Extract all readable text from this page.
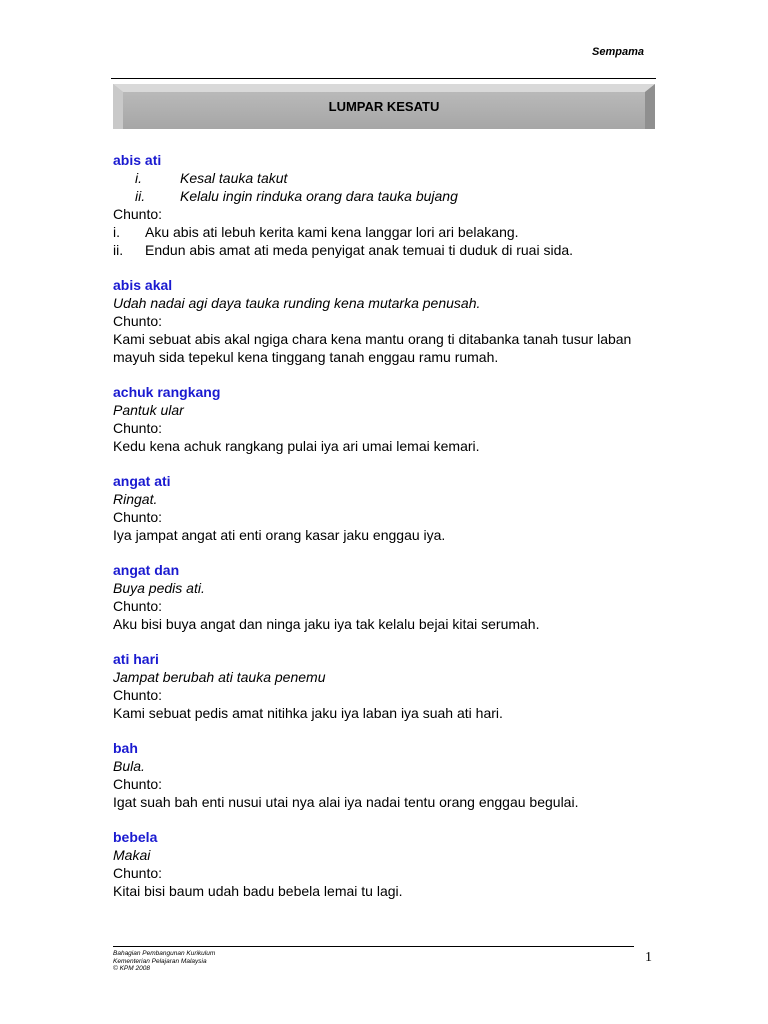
Sempama
LUMPAR KESATU
abis ati
i.	Kesal tauka takut
ii.	Kelalu ingin rinduka orang dara tauka bujang
Chunto:
i.	Aku abis ati lebuh kerita kami kena langgar lori ari belakang.
ii.	Endun abis amat ati meda penyigat anak temuai ti duduk di ruai sida.
abis akal
Udah nadai agi daya tauka runding kena mutarka penusah.
Chunto:
Kami sebuat abis akal ngiga chara kena mantu orang ti ditabanka tanah tusur laban mayuh sida tepekul kena tinggang tanah enggau ramu rumah.
achuk rangkang
Pantuk ular
Chunto:
Kedu kena achuk rangkang pulai iya ari umai lemai kemari.
angat ati
Ringat.
Chunto:
Iya jampat angat ati enti orang kasar jaku enggau iya.
angat dan
Buya pedis ati.
Chunto:
Aku bisi buya angat dan ninga jaku iya tak kelalu bejai kitai serumah.
ati hari
Jampat berubah ati tauka penemu
Chunto:
Kami sebuat pedis amat nitihka jaku iya laban iya suah ati hari.
bah
Bula.
Chunto:
Igat suah bah enti nusui utai nya alai iya nadai tentu orang enggau begulai.
bebela
Makai
Chunto:
Kitai bisi baum udah badu bebela lemai tu lagi.
Bahagian Pembangunan Kurikulum
Kementerian Pelajaran Malaysia
© KPM 2008
1
